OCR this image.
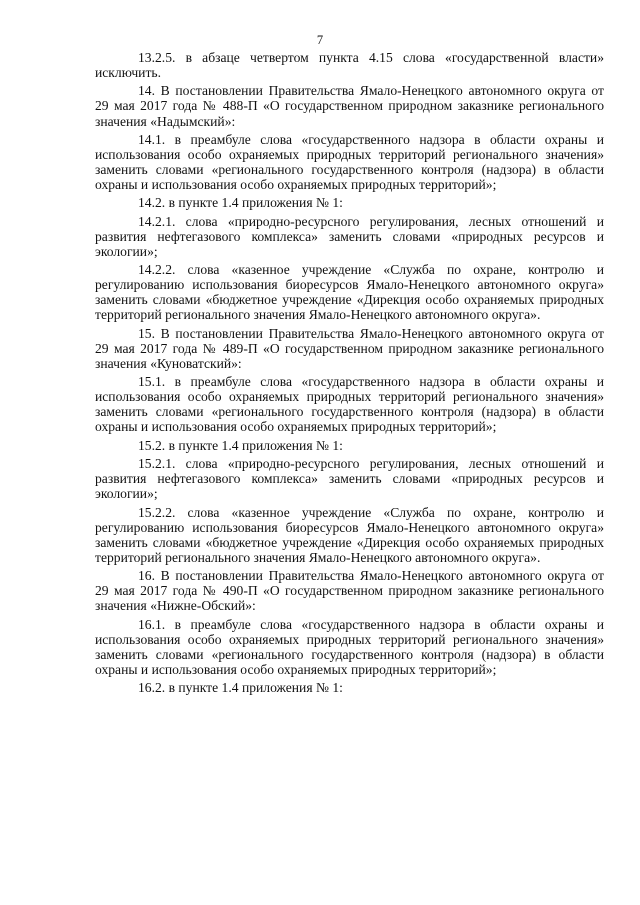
7

13.2.5. в абзаце четвертом пункта 4.15 слова «государственной власти» исключить.

14. В постановлении Правительства Ямало-Ненецкого автономного округа от 29 мая 2017 года № 488-П «О государственном природном заказнике регионального значения «Надымский»:

14.1. в преамбуле слова «государственного надзора в области охраны и использования особо охраняемых природных территорий регионального значения» заменить словами «регионального государственного контроля (надзора) в области охраны и использования особо охраняемых природных территорий»;

14.2. в пункте 1.4 приложения № 1:

14.2.1. слова «природно-ресурсного регулирования, лесных отношений и развития нефтегазового комплекса» заменить словами «природных ресурсов и экологии»;

14.2.2. слова «казенное учреждение «Служба по охране, контролю и регулированию использования биоресурсов Ямало-Ненецкого автономного округа» заменить словами «бюджетное учреждение «Дирекция особо охраняемых природных территорий регионального значения Ямало-Ненецкого автономного округа».

15. В постановлении Правительства Ямало-Ненецкого автономного округа от 29 мая 2017 года № 489-П «О государственном природном заказнике регионального значения «Куноватский»:

15.1. в преамбуле слова «государственного надзора в области охраны и использования особо охраняемых природных территорий регионального значения» заменить словами «регионального государственного контроля (надзора) в области охраны и использования особо охраняемых природных территорий»;

15.2. в пункте 1.4 приложения № 1:

15.2.1. слова «природно-ресурсного регулирования, лесных отношений и развития нефтегазового комплекса» заменить словами «природных ресурсов и экологии»;

15.2.2. слова «казенное учреждение «Служба по охране, контролю и регулированию использования биоресурсов Ямало-Ненецкого автономного округа» заменить словами «бюджетное учреждение «Дирекция особо охраняемых природных территорий регионального значения Ямало-Ненецкого автономного округа».

16. В постановлении Правительства Ямало-Ненецкого автономного округа от 29 мая 2017 года № 490-П «О государственном природном заказнике регионального значения «Нижне-Обский»:

16.1. в преамбуле слова «государственного надзора в области охраны и использования особо охраняемых природных территорий регионального значения» заменить словами «регионального государственного контроля (надзора) в области охраны и использования особо охраняемых природных территорий»;

16.2. в пункте 1.4 приложения № 1:
